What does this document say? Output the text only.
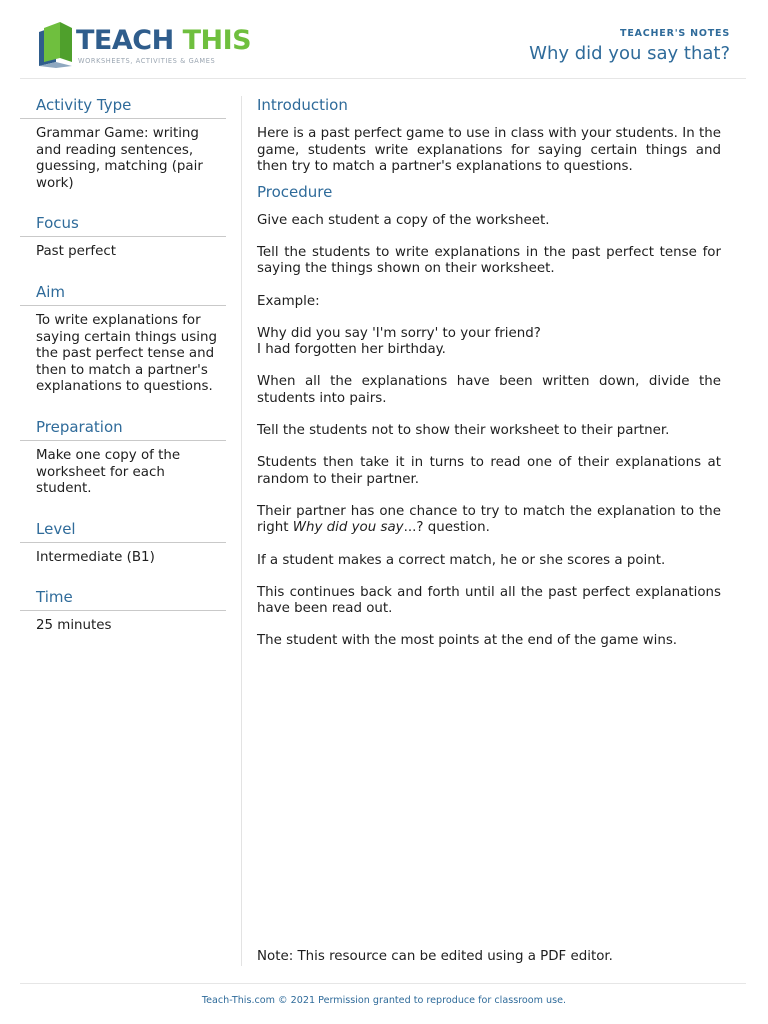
TEACH THIS
WORKSHEETS, ACTIVITIES & GAMES
TEACHER'S NOTES
Why did you say that?
Activity Type
Grammar Game: writing and reading sentences, guessing, matching (pair work)
Focus
Past perfect
Aim
To write explanations for saying certain things using the past perfect tense and then to match a partner's explanations to questions.
Preparation
Make one copy of the worksheet for each student.
Level
Intermediate (B1)
Time
25 minutes
Introduction

Here is a past perfect game to use in class with your students. In the game, students write explanations for saying certain things and then try to match a partner's explanations to questions.

Procedure

Give each student a copy of the worksheet.

Tell the students to write explanations in the past perfect tense for saying the things shown on their worksheet.

Example:

Why did you say 'I'm sorry' to your friend?
I had forgotten her birthday.

When all the explanations have been written down, divide the students into pairs.

Tell the students not to show their worksheet to their partner.

Students then take it in turns to read one of their explanations at random to their partner.

Their partner has one chance to try to match the explanation to the right Why did you say...? question.

If a student makes a correct match, he or she scores a point.

This continues back and forth until all the past perfect explanations have been read out.

The student with the most points at the end of the game wins.

Note: This resource can be edited using a PDF editor.
Teach-This.com © 2021 Permission granted to reproduce for classroom use.
